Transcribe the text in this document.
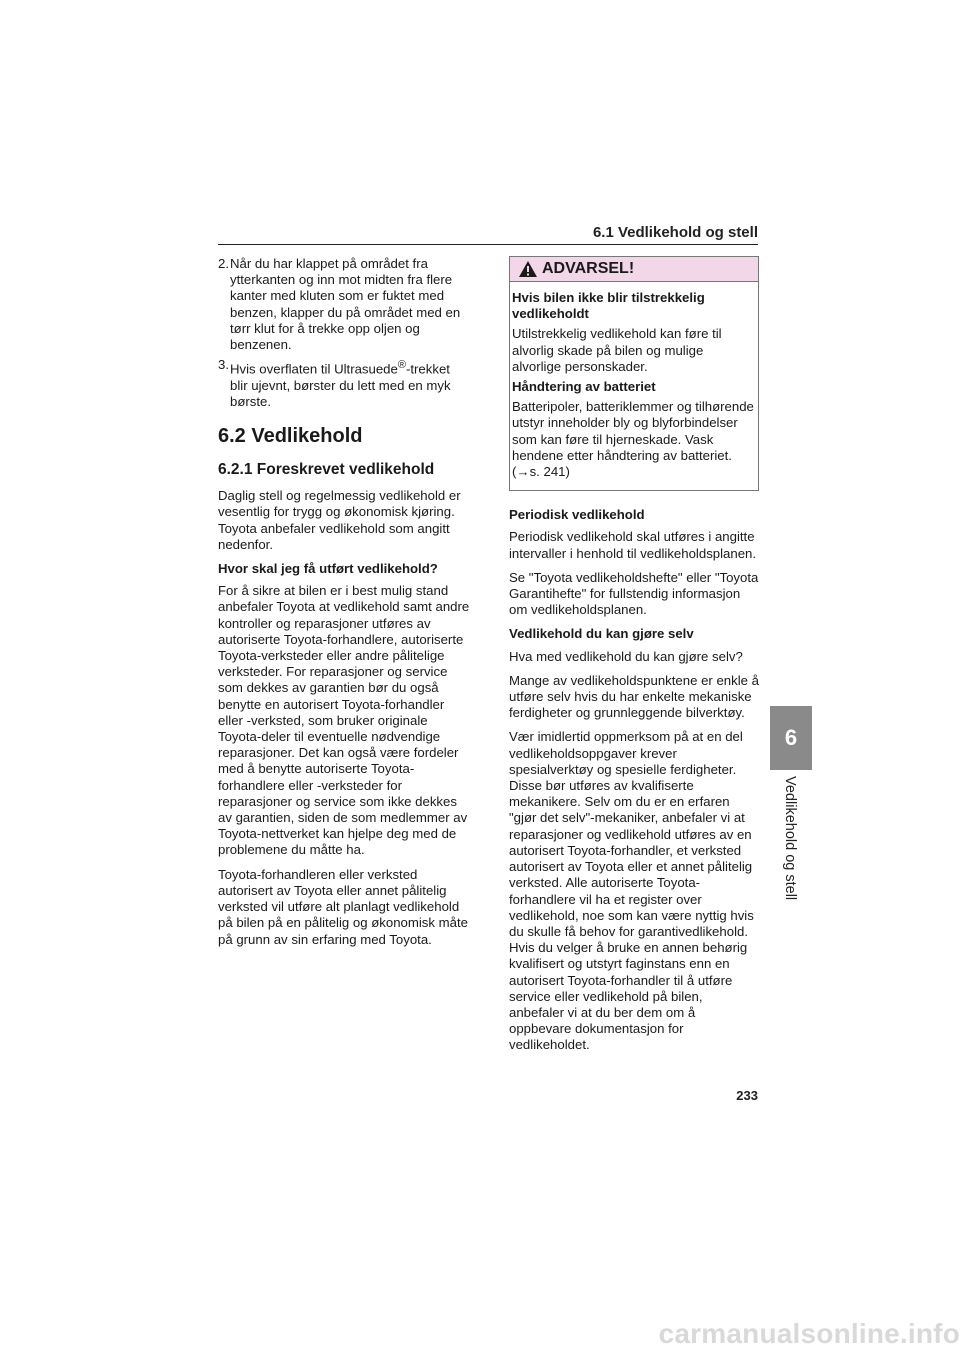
6.1 Vedlikehold og stell
2. Når du har klappet på området fra ytterkanten og inn mot midten fra flere kanter med kluten som er fuktet med benzen, klapper du på området med en tørr klut for å trekke opp oljen og benzenen.
3. Hvis overflaten til Ultrasuede®-trekket blir ujevnt, børster du lett med en myk børste.
6.2 Vedlikehold
6.2.1 Foreskrevet vedlikehold

Daglig stell og regelmessig vedlikehold er vesentlig for trygg og økonomisk kjøring. Toyota anbefaler vedlikehold som angitt nedenfor.

Hvor skal jeg få utført vedlikehold?

For å sikre at bilen er i best mulig stand anbefaler Toyota at vedlikehold samt andre kontroller og reparasjoner utføres av autoriserte Toyota-forhandlere, autoriserte Toyota-verksteder eller andre pålitelige verksteder. For reparasjoner og service som dekkes av garantien bør du også benytte en autorisert Toyota-forhandler eller -verksted, som bruker originale Toyota-deler til eventuelle nødvendige reparasjoner. Det kan også være fordeler med å benytte autoriserte Toyota-forhandlere eller -verksteder for reparasjoner og service som ikke dekkes av garantien, siden de som medlemmer av Toyota-nettverket kan hjelpe deg med de problemene du måtte ha.

Toyota-forhandleren eller verksted autorisert av Toyota eller annet pålitelig verksted vil utføre alt planlagt vedlikehold på bilen på en pålitelig og økonomisk måte på grunn av sin erfaring med Toyota.

ADVARSEL!

Hvis bilen ikke blir tilstrekkelig vedlikeholdt

Utilstrekkelig vedlikehold kan føre til alvorlig skade på bilen og mulige alvorlige personskader.

Håndtering av batteriet

Batteripoler, batteriklemmer og tilhørende utstyr inneholder bly og blyforbindelser som kan føre til hjerneskade. Vask hendene etter håndtering av batteriet. (→s. 241)

Periodisk vedlikehold

Periodisk vedlikehold skal utføres i angitte intervaller i henhold til vedlikeholdsplanen.

Se "Toyota vedlikeholdshefte" eller "Toyota Garantihefte" for fullstendig informasjon om vedlikeholdsplanen.

Vedlikehold du kan gjøre selv

Hva med vedlikehold du kan gjøre selv?

Mange av vedlikeholdspunktene er enkle å utføre selv hvis du har enkelte mekaniske ferdigheter og grunnleggende bilverktøy.

Vær imidlertid oppmerksom på at en del vedlikeholdsoppgaver krever spesialverktøy og spesielle ferdigheter. Disse bør utføres av kvalifiserte mekanikere. Selv om du er en erfaren "gjør det selv"-mekaniker, anbefaler vi at reparasjoner og vedlikehold utføres av en autorisert Toyota-forhandler, et verksted autorisert av Toyota eller et annet pålitelig verksted. Alle autoriserte Toyota-forhandlere vil ha et register over vedlikehold, noe som kan være nyttig hvis du skulle få behov for garantivedlikehold. Hvis du velger å bruke en annen behørig kvalifisert og utstyrt faginstans enn en autorisert Toyota-forhandler til å utføre service eller vedlikehold på bilen, anbefaler vi at du ber dem om å oppbevare dokumentasjon for vedlikeholdet.

6
Vedlikehold og stell
233
carmanualsonline.info
